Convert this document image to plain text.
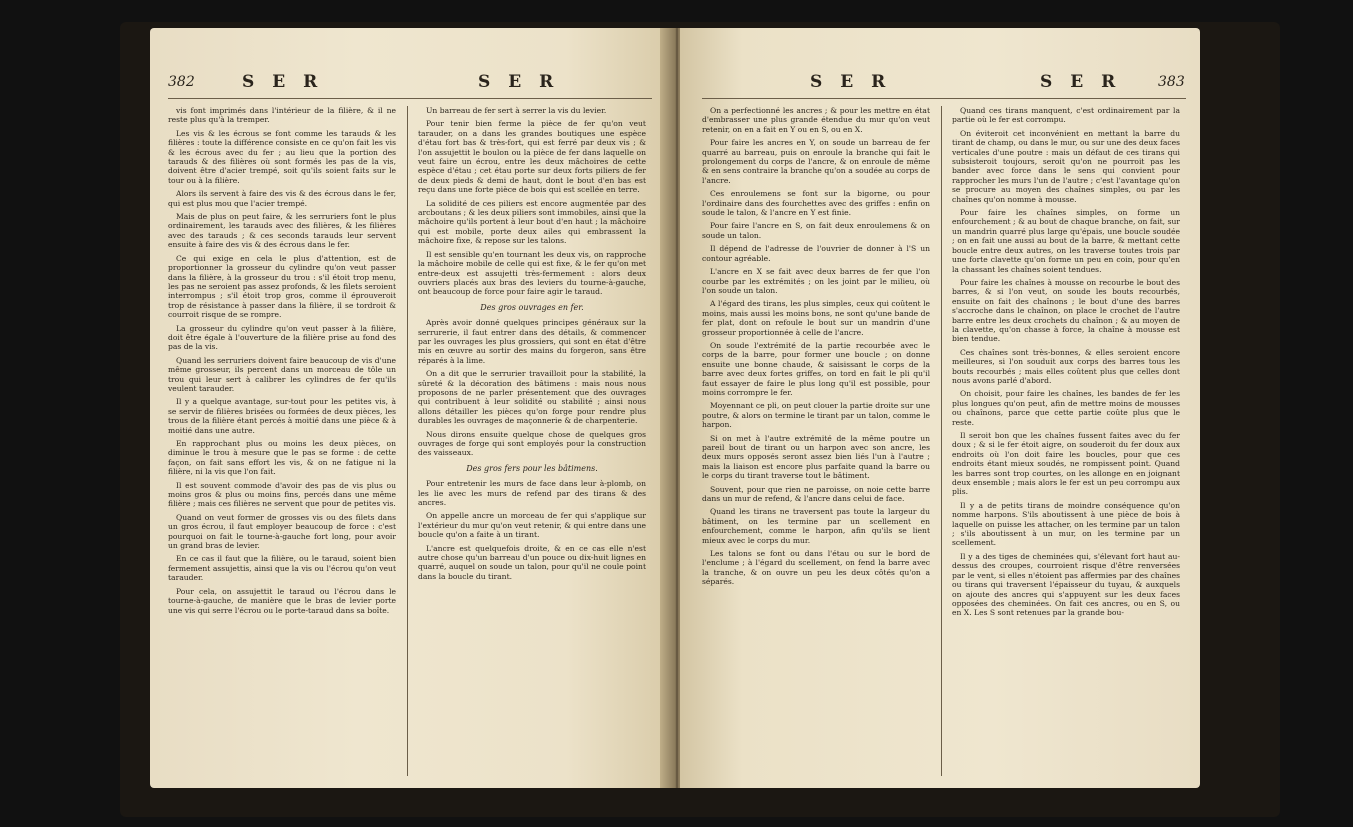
382	S E R	S E R

vis font imprimés dans l'intérieur de la filière, & il ne reste plus qu'à la tremper.

Les vis & les écrous se font comme les tarauds & les filières : toute la différence consiste en ce qu'on fait les vis & les écrous avec du fer ; au lieu que la portion des tarauds & des filières où sont formés les pas de la vis, doivent être d'acier trempé, soit qu'ils soient faits sur le tour ou à la filière.

Alors ils servent à faire des vis & des écrous dans le fer, qui est plus mou que l'acier trempé.

Mais de plus on peut faire, & les serruriers font le plus ordinairement, les tarauds avec des filières, & les filières avec des tarauds ; & ces seconds tarauds leur servent ensuite à faire des vis & des écrous dans le fer.

Ce qui exige en cela le plus d'attention, est de proportionner la grosseur du cylindre qu'on veut passer dans la filière, à la grosseur du trou : s'il étoit trop menu, les pas ne seroient pas assez profonds, & les filets seroient interrompus ; s'il étoit trop gros, comme il éprouveroit trop de résistance à passer dans la filière, il se tordroit & courroit risque de se rompre.

La grosseur du cylindre qu'on veut passer à la filière, doit être égale à l'ouverture de la filière prise au fond des pas de la vis.

Quand les serruriers doivent faire beaucoup de vis d'une même grosseur, ils percent dans un morceau de tôle un trou qui leur sert à calibrer les cylindres de fer qu'ils veulent tarauder.

Il y a quelque avantage, sur-tout pour les petites vis, à se servir de filières brisées ou formées de deux pièces, les trous de la filière étant percés à moitié dans une pièce & à moitié dans une autre.

En rapprochant plus ou moins les deux pièces, on diminue le trou à mesure que le pas se forme : de cette façon, on fait sans effort les vis, & on ne fatigue ni la filière, ni la vis que l'on fait.

Il est souvent commode d'avoir des pas de vis plus ou moins gros & plus ou moins fins, percés dans une même filière ; mais ces filières ne servent que pour de petites vis.

Quand on veut former de grosses vis ou des filets dans un gros écrou, il faut employer beaucoup de force : c'est pourquoi on fait le tourne-à-gauche fort long, pour avoir un grand bras de levier.

En ce cas il faut que la filière, ou le taraud, soient bien fermement assujettis, ainsi que la vis ou l'écrou qu'on veut tarauder.

Pour cela, on assujettit le taraud ou l'écrou dans le tourne-à-gauche, de manière que le bras de levier porte une vis qui serre l'écrou ou le porte-taraud dans sa boîte.

Un barreau de fer sert à serrer la vis du levier.

Pour tenir bien ferme la pièce de fer qu'on veut tarauder, on a dans les grandes boutiques une espèce d'étau fort bas & très-fort, qui est ferré par deux vis ; & l'on assujettit le boulon ou la pièce de fer dans laquelle on veut faire un écrou, entre les deux mâchoires de cette espèce d'étau ; cet étau porte sur deux forts piliers de fer de deux pieds & demi de haut, dont le bout d'en bas est reçu dans une forte pièce de bois qui est scellée en terre.

La solidité de ces piliers est encore augmentée par des arcboutans ; & les deux piliers sont immobiles, ainsi que la mâchoire qu'ils portent à leur bout d'en haut ; la mâchoire qui est mobile, porte deux ailes qui embrassent la mâchoire fixe, & repose sur les talons.

Il est sensible qu'en tournant les deux vis, on rapproche la mâchoire mobile de celle qui est fixe, & le fer qu'on met entre-deux est assujetti très-fermement : alors deux ouvriers placés aux bras des leviers du tourne-à-gauche, ont beaucoup de force pour faire agir le taraud.

Des gros ouvrages en fer.

Après avoir donné quelques principes généraux sur la serrurerie, il faut entrer dans des détails, & commencer par les ouvrages les plus grossiers, qui sont en état d'être mis en œuvre au sortir des mains du forgeron, sans être réparés à la lime.

On a dit que le serrurier travailloit pour la stabilité, la sûreté & la décoration des bâtimens : mais nous nous proposons de ne parler présentement que des ouvrages qui contribuent à leur solidité ou stabilité ; ainsi nous allons détailler les pièces qu'on forge pour rendre plus durables les ouvrages de maçonnerie & de charpenterie.

Nous dirons ensuite quelque chose de quelques gros ouvrages de forge qui sont employés pour la construction des vaisseaux.

Des gros fers pour les bâtimens.

Pour entretenir les murs de face dans leur à-plomb, on les lie avec les murs de refend par des tirans & des ancres.

On appelle ancre un morceau de fer qui s'applique sur l'extérieur du mur qu'on veut retenir, & qui entre dans une boucle qu'on a faite à un tirant.

L'ancre est quelquefois droite, & en ce cas elle n'est autre chose qu'un barreau d'un pouce ou dix-huit lignes en quarré, auquel on soude un talon, pour qu'il ne coule point dans la boucle du tirant.

S E R	S E R	383

On a perfectionné les ancres ; & pour les mettre en état d'embrasser une plus grande étendue du mur qu'on veut retenir, on en a fait en Y ou en S, ou en X.

Pour faire les ancres en Y, on soude un barreau de fer quarré au barreau, puis on enroule la branche qui fait le prolongement du corps de l'ancre, & on enroule de même & en sens contraire la branche qu'on a soudée au corps de l'ancre.

Ces enroulemens se font sur la bigorne, ou pour l'ordinaire dans des fourchettes avec des griffes : enfin on soude le talon, & l'ancre en Y est finie.

Pour faire l'ancre en S, on fait deux enroulemens & on soude un talon.

Il dépend de l'adresse de l'ouvrier de donner à l'S un contour agréable.

L'ancre en X se fait avec deux barres de fer que l'on courbe par les extrémités ; on les joint par le milieu, où l'on soude un talon.

A l'égard des tirans, les plus simples, ceux qui coûtent le moins, mais aussi les moins bons, ne sont qu'une bande de fer plat, dont on refoule le bout sur un mandrin d'une grosseur proportionnée à celle de l'ancre.

On soude l'extrémité de la partie recourbée avec le corps de la barre, pour former une boucle ; on donne ensuite une bonne chaude, & saisissant le corps de la barre avec deux fortes griffes, on tord en fait le pli qu'il faut essayer de faire le plus long qu'il est possible, pour moins corrompre le fer.

Moyennant ce pli, on peut clouer la partie droite sur une poutre, & alors on termine le tirant par un talon, comme le harpon.

Si on met à l'autre extrémité de la même poutre un pareil bout de tirant ou un harpon avec son ancre, les deux murs opposés seront assez bien liés l'un à l'autre ; mais la liaison est encore plus parfaite quand la barre ou le corps du tirant traverse tout le bâtiment.

Souvent, pour que rien ne paroisse, on noie cette barre dans un mur de refend, & l'ancre dans celui de face.

Quand les tirans ne traversent pas toute la largeur du bâtiment, on les termine par un scellement en enfourchement, comme le harpon, afin qu'ils se lient mieux avec le corps du mur.

Les talons se font ou dans l'étau ou sur le bord de l'enclume ; à l'égard du scellement, on fend la barre avec la tranche, & on ouvre un peu les deux côtés qu'on a séparés.

Quand ces tirans manquent, c'est ordinairement par la partie où le fer est corrompu.

On éviteroit cet inconvénient en mettant la barre du tirant de champ, ou dans le mur, ou sur une des deux faces verticales d'une poutre : mais un défaut de ces tirans qui subsisteroit toujours, seroit qu'on ne pourroit pas les bander avec force dans le sens qui convient pour rapprocher les murs l'un de l'autre ; c'est l'avantage qu'on se procure au moyen des chaînes simples, ou par les chaînes qu'on nomme à mousse.

Pour faire les chaînes simples, on forme un enfourchement ; & au bout de chaque branche, on fait, sur un mandrin quarré plus large qu'épais, une boucle soudée ; on en fait une aussi au bout de la barre, & mettant cette boucle entre deux autres, on les traverse toutes trois par une forte clavette qu'on forme un peu en coin, pour qu'en la chassant les chaînes soient tendues.

Pour faire les chaînes à mousse on recourbe le bout des barres, & si l'on veut, on soude les bouts recourbés, ensuite on fait des chaînons ; le bout d'une des barres s'accroche dans le chaînon, on place le crochet de l'autre barre entre les deux crochets du chaînon ; & au moyen de la clavette, qu'on chasse à force, la chaîne à mousse est bien tendue.

Ces chaînes sont très-bonnes, & elles seroient encore meilleures, si l'on souduit aux corps des barres tous les bouts recourbés ; mais elles coûtent plus que celles dont nous avons parlé d'abord.

On choisit, pour faire les chaînes, les bandes de fer les plus longues qu'on peut, afin de mettre moins de mousses ou chaînons, parce que cette partie coûte plus que le reste.

Il seroit bon que les chaînes fussent faites avec du fer doux ; & si le fer étoit aigre, on souderoit du fer doux aux endroits où l'on doit faire les boucles, pour que ces endroits étant mieux soudés, ne rompissent point. Quand les barres sont trop courtes, on les allonge en en joignant deux ensemble ; mais alors le fer est un peu corrompu aux plis.

Il y a de petits tirans de moindre conséquence qu'on nomme harpons. S'ils aboutissent à une pièce de bois à laquelle on puisse les attacher, on les termine par un talon ; s'ils aboutissent à un mur, on les termine par un scellement.

Il y a des tiges de cheminées qui, s'élevant fort haut au-dessus des croupes, courroient risque d'être renversées par le vent, si elles n'étoient pas affermies par des chaînes ou tirans qui traversent l'épaisseur du tuyau, & auxquels on ajoute des ancres qui s'appuyent sur les deux faces opposées des cheminées. On fait ces ancres, ou en S, ou en X. Les S sont retenues par la grande bou-
